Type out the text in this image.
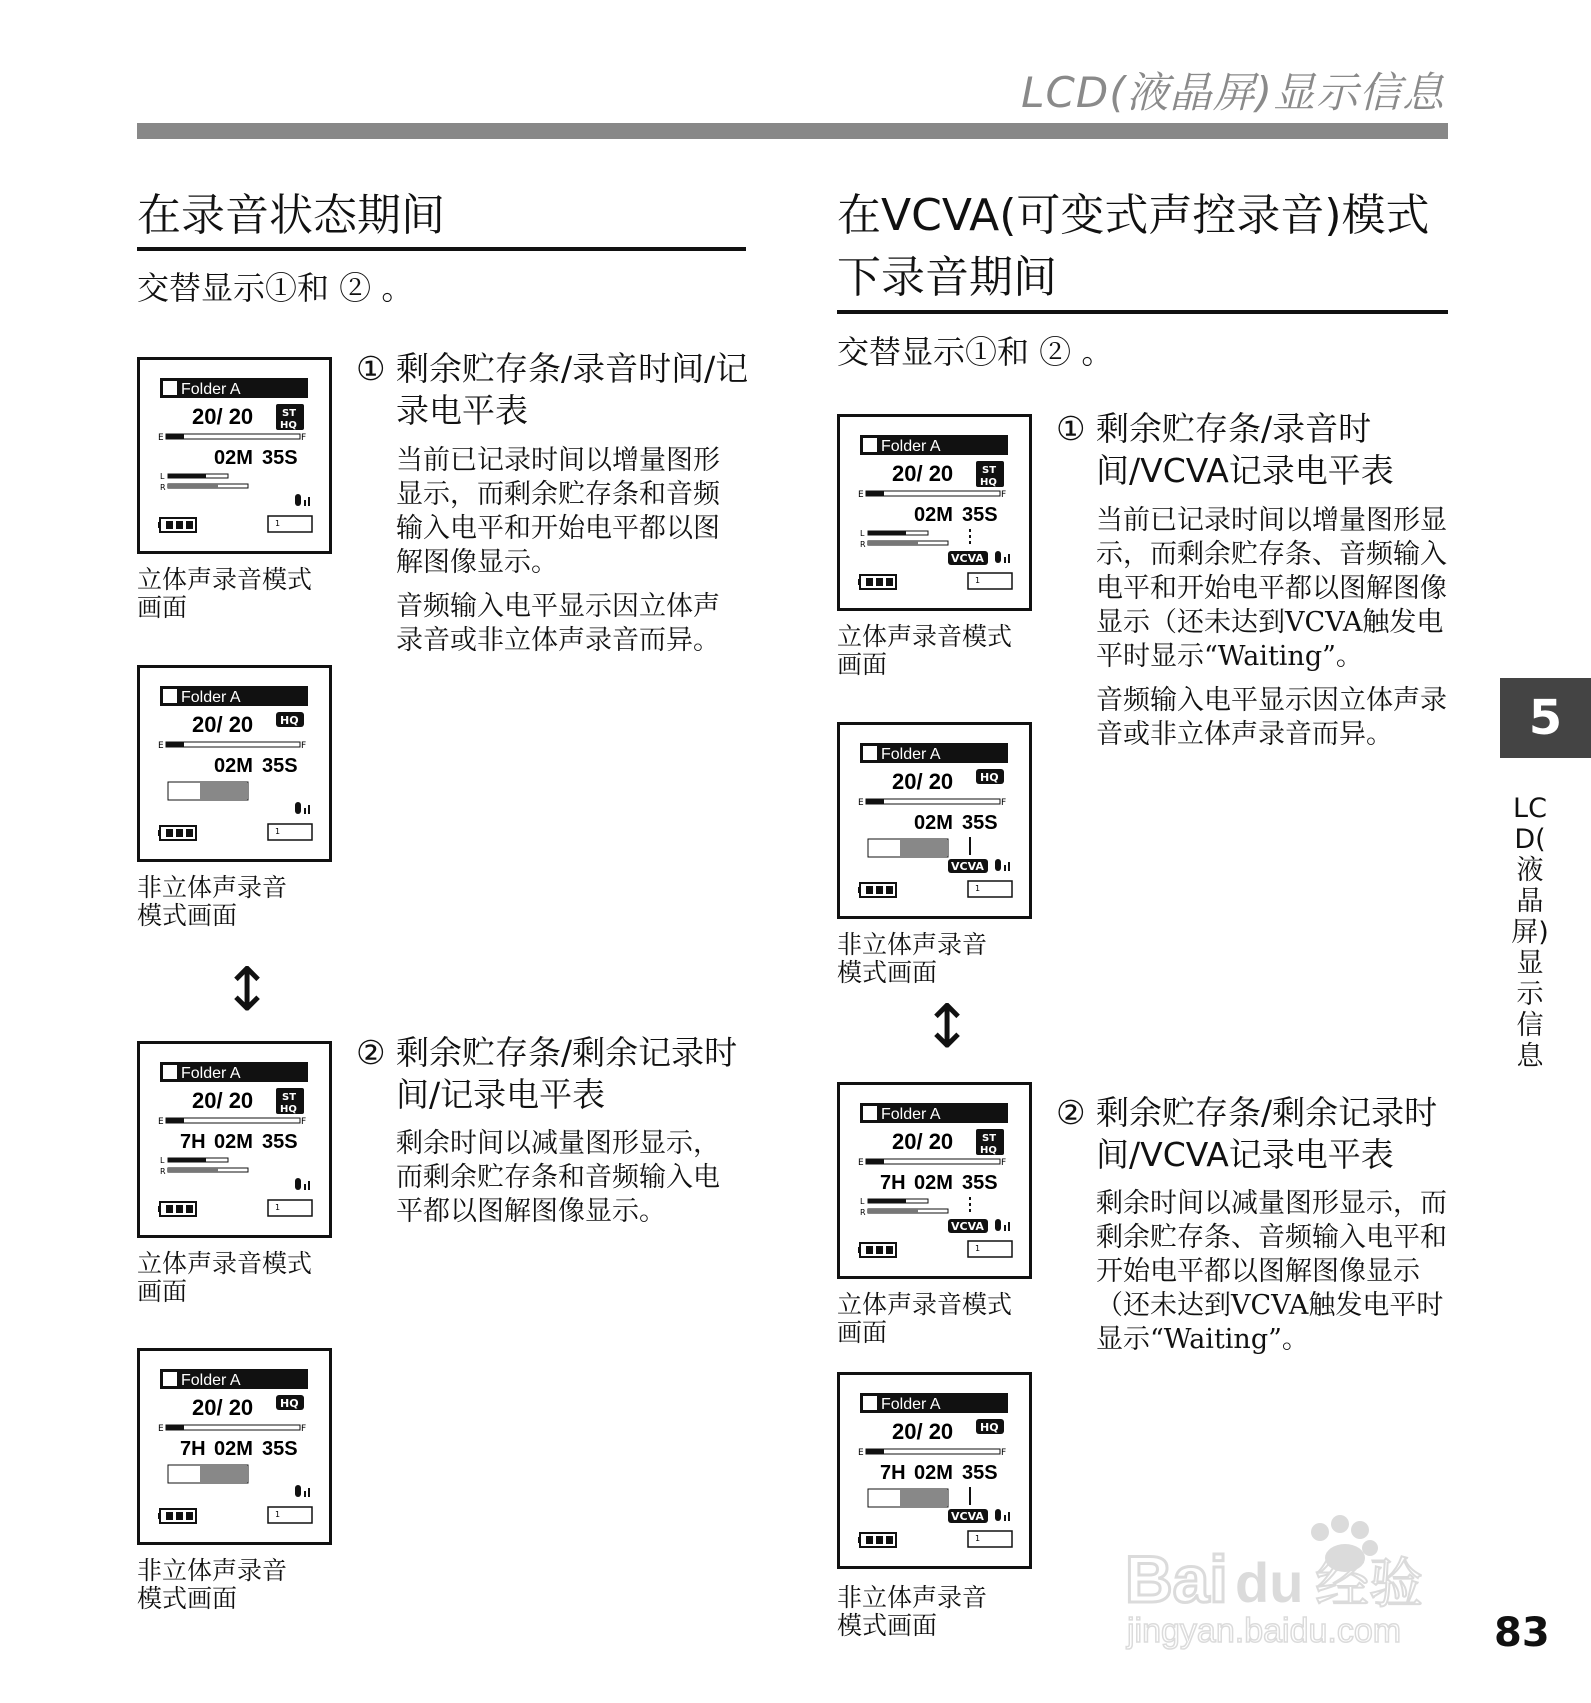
LCD(液晶屏)显示信息
在录音状态期间
交替显示①和 ② 。
Folder A
20/ 20	ST
HQ
E	F
02M 35S
L
R
1
立体声录音模式画面
Folder A
20/ 20 HQ
E	F
02M 35S
1
非立体声录音模式画面
↕
Folder A
20/ 20	ST
HQ
E	F
7H 02M 35S
L
R
1
立体声录音模式画面
Folder A
20/ 20 HQ
E	F
7H 02M 35S
1
非立体声录音模式画面
① 剩余贮存条/录音时间/记录电平表

当前已记录时间以增量图形显示，而剩余贮存条和音频输入电平和开始电平都以图解图像显示。

音频输入电平显示因立体声录音或非立体声录音而异。

② 剩余贮存条/剩余记录时间/记录电平表

剩余时间以减量图形显示，而剩余贮存条和音频输入电平都以图解图像显示。

在VCVA(可变式声控录音)模式下录音期间
交替显示①和 ② 。
Folder A
20/ 20	ST
HQ
E	F
02M 35S
L
R
VCVA
1
立体声录音模式画面
Folder A
20/ 20 HQ
E	F
02M 35S
VCVA
1
非立体声录音模式画面
↕
Folder A
20/ 20	ST
HQ
E	F
7H 02M 35S
L
R
VCVA
1
立体声录音模式画面
Folder A
20/ 20 HQ
E	F
7H 02M 35S
VCVA
1
非立体声录音模式画面
① 剩余贮存条/录音时间/VCVA记录电平表

当前已记录时间以增量图形显示，而剩余贮存条、音频输入电平和开始电平都以图解图像显示（还未达到VCVA触发电平时显示“Waiting”。

音频输入电平显示因立体声录音或非立体声录音而异。

② 剩余贮存条/剩余记录时间/VCVA记录电平表

剩余时间以减量图形显示，而剩余贮存条、音频输入电平和开始电平都以图解图像显示（还未达到VCVA触发电平时显示“Waiting”。

5
LCD(液晶屏)显示信息
83
Bai du 经验
jingyan.baidu.com
